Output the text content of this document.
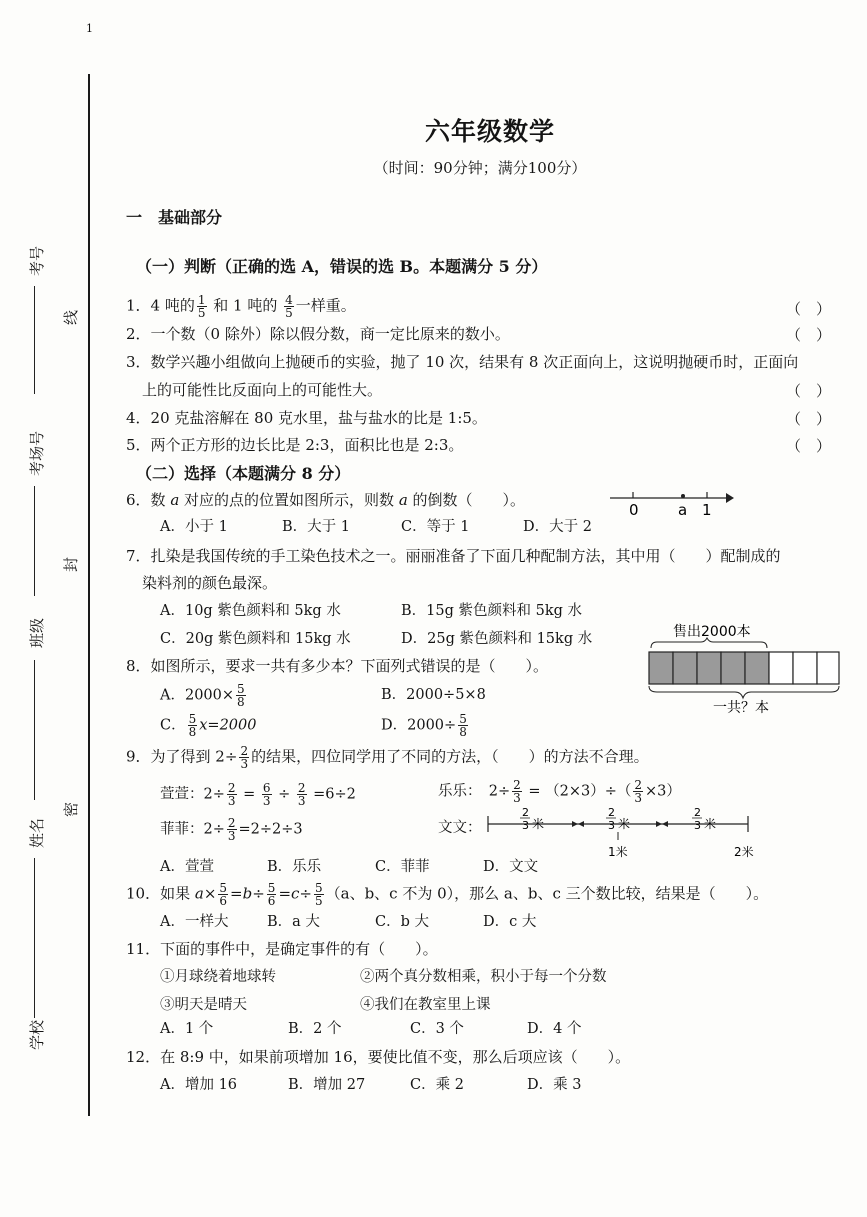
1
考号
考场号
班级
姓名
学校
线
封
密
六年级数学
（时间：90分钟；满分100分）
一　基础部分
（一）判断（正确的选 A，错误的选 B。本题满分 5 分）
1．4 吨的 $\frac{1}{5}$ 和 1 吨的 $\frac{4}{5}$ 一样重。	（　）
2．一个数（0 除外）除以假分数，商一定比原来的数小。	（　）
3．数学兴趣小组做向上抛硬币的实验，抛了 10 次，结果有 8 次正面向上，这说明抛硬币时，正面向
上的可能性比反面向上的可能性大。	（　）
4．20 克盐溶解在 80 克水里，盐与盐水的比是 1:5。	（　）
5．两个正方形的边长比是 2:3，面积比也是 2:3。	（　）
（二）选择（本题满分 8 分）
6．数 a 对应的点的位置如图所示，则数 a 的倒数（　　）。
A．小于 1	B．大于 1	C．等于 1	D．大于 2
0	a 1
7．扎染是我国传统的手工染色技术之一。丽丽准备了下面几种配制方法，其中用（　　）配制成的
染料剂的颜色最深。
A．10g 紫色颜料和 5kg 水	B．15g 紫色颜料和 5kg 水
C．20g 紫色颜料和 15kg 水	D．25g 紫色颜料和 15kg 水
8．如图所示，要求一共有多少本？下面列式错误的是（　　）。
A．$2000\times \frac{5}{8}$	B．2000÷5×8
C． $\frac{5}{8} x=2000$	D．$2000\div \frac{5}{8}$
售出2000本
一共？本
9．为了得到 $2\div \frac{2}{3}$ 的结果，四位同学用了不同的方法，（　　）的方法不合理。
萱萱：$2\div \frac{2}{3} = \frac{6}{3} \div \frac{2}{3} =6\div 2$	乐乐：　$2\div \frac{2}{3} = (2\times 3)\div( \frac{2}{3} \times 3)$
菲菲：$2\div \frac{2}{3} =2\div 2\div 3$	文文：
2
3 米
2
3 米
2
3 米
1米	2米
A．萱萱	B．乐乐	C．菲菲	D．文文
10．如果 $a\times \frac{5}{6} =b\div \frac{5}{6} =c\div \frac{5}{5} (a$、b、c 不为 0），那么 a、b、c 三个数比较，结果是（　　）。
A．一样大	B．a 大	C．b 大	D．c 大
11．下面的事件中，是确定事件的有（　　）。
①月球绕着地球转	②两个真分数相乘，积小于每一个分数
③明天是晴天	④我们在教室里上课
A．1 个	B．2 个	C．3 个	D．4 个
12．在 8:9 中，如果前项增加 16，要使比值不变，那么后项应该（　　）。
A．增加 16	B．增加 27	C．乘 2	D．乘 3
